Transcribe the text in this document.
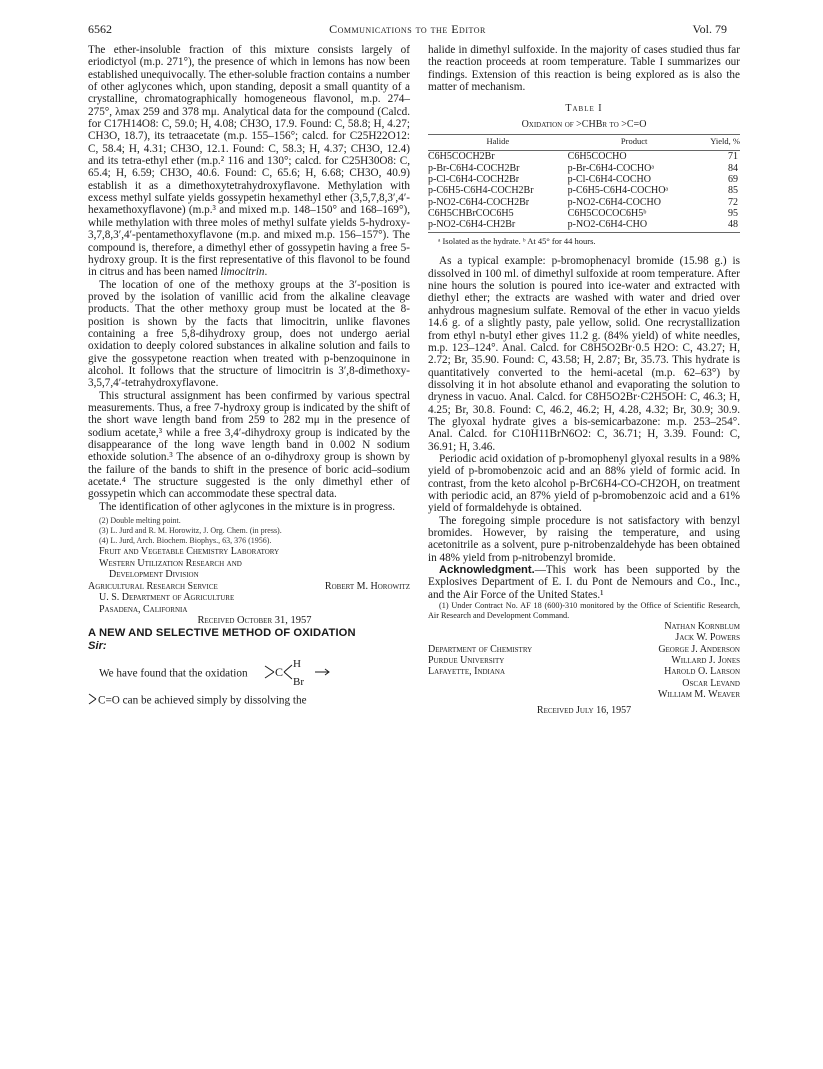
6562	Communications to the Editor	Vol. 79

The ether-insoluble fraction of this mixture consists largely of eriodictyol (m.p. 271°), the presence of which in lemons has now been established unequivocally. The ether-soluble fraction contains a number of other aglycones which, upon standing, deposit a small quantity of a crystalline, chromatographically homogeneous flavonol, m.p. 274–275°, λmax 259 and 378 mμ. Analytical data for the compound (Calcd. for C17H14O8: C, 59.0; H, 4.08; CH3O, 17.9. Found: C, 58.8; H, 4.27; CH3O, 18.7), its tetraacetate (m.p. 155–156°; calcd. for C25H22O12: C, 58.4; H, 4.31; CH3O, 12.1. Found: C, 58.3; H, 4.37; CH3O, 12.4) and its tetra-ethyl ether (m.p.² 116 and 130°; calcd. for C25H30O8: C, 65.4; H, 6.59; CH3O, 40.6. Found: C, 65.6; H, 6.68; CH3O, 40.9) establish it as a dimethoxytetrahydroxyflavone. Methylation with excess methyl sulfate yields gossypetin hexamethyl ether (3,5,7,8,3′,4′-hexamethoxyflavone) (m.p.³ and mixed m.p. 148–150° and 168–169°), while methylation with three moles of methyl sulfate yields 5-hydroxy-3,7,8,3′,4′-pentamethoxyflavone (m.p. and mixed m.p. 156–157°). The compound is, therefore, a dimethyl ether of gossypetin having a free 5-hydroxy group. It is the first representative of this flavonol to be found in citrus and has been named limocitrin.

The location of one of the methoxy groups at the 3′-position is proved by the isolation of vanillic acid from the alkaline cleavage products. That the other methoxy group must be located at the 8-position is shown by the facts that limocitrin, unlike flavones containing a free 5,8-dihydroxy group, does not undergo aerial oxidation to deeply colored substances in alkaline solution and fails to give the gossypetone reaction when treated with p-benzoquinone in alcohol. It follows that the structure of limocitrin is 3′,8-dimethoxy-3,5,7,4′-tetrahydroxyflavone.

This structural assignment has been confirmed by various spectral measurements. Thus, a free 7-hydroxy group is indicated by the shift of the short wave length band from 259 to 282 mμ in the presence of sodium acetate,³ while a free 3,4′-dihydroxy group is indicated by the disappearance of the long wave length band in 0.002 N sodium ethoxide solution.³ The absence of an o-dihydroxy group is shown by the failure of the bands to shift in the presence of boric acid–sodium acetate.⁴ The structure suggested is the only dimethyl ether of gossypetin which can accommodate these spectral data.

The identification of other aglycones in the mixture is in progress.

(2) Double melting point.

(3) L. Jurd and R. M. Horowitz, J. Org. Chem. (in press).

(4) L. Jurd, Arch. Biochem. Biophys., 63, 376 (1956).

Fruit and Vegetable Chemistry Laboratory

Western Utilization Research and

Development Division

Agricultural Research Service	Robert M. Horowitz

U. S. Department of Agriculture

Pasadena, California

Received October 31, 1957

A NEW AND SELECTIVE METHOD OF OXIDATION
Sir:

We have found that the oxidation C
H
Br

C=O can be achieved simply by dissolving the

halide in dimethyl sulfoxide. In the majority of cases studied thus far the reaction proceeds at room temperature. Table I summarizes our findings. Extension of this reaction is being explored as is also the matter of mechanism.

Table I
Oxidation of >CHBr to >C=O
Halide	Product	Yield, %
C6H5COCH2Br	C6H5COCHO	71
p-Br-C6H4-COCH2Br	p-Br-C6H4-COCHOᵃ	84
p-Cl-C6H4-COCH2Br	p-Cl-C6H4-COCHO	69
p-C6H5-C6H4-COCH2Br	p-C6H5-C6H4-COCHOᵃ	85
p-NO2-C6H4-COCH2Br	p-NO2-C6H4-COCHO	72
C6H5CHBrCOC6H5	C6H5COCOC6H5ᵇ	95
p-NO2-C6H4-CH2Br	p-NO2-C6H4-CHO	48
ᵃ Isolated as the hydrate. ᵇ At 45° for 44 hours.

As a typical example: p-bromophenacyl bromide (15.98 g.) is dissolved in 100 ml. of dimethyl sulfoxide at room temperature. After nine hours the solution is poured into ice-water and extracted with diethyl ether; the extracts are washed with water and dried over anhydrous magnesium sulfate. Removal of the ether in vacuo yields 14.6 g. of a slightly pasty, pale yellow, solid. One recrystallization from ethyl n-butyl ether gives 11.2 g. (84% yield) of white needles, m.p. 123–124°. Anal. Calcd. for C8H5O2Br·0.5 H2O: C, 43.27; H, 2.72; Br, 35.90. Found: C, 43.58; H, 2.87; Br, 35.73. This hydrate is quantitatively converted to the hemi-acetal (m.p. 62–63°) by dissolving it in hot absolute ethanol and evaporating the solution to dryness in vacuo. Anal. Calcd. for C8H5O2Br·C2H5OH: C, 46.3; H, 4.25; Br, 30.8. Found: C, 46.2, 46.2; H, 4.28, 4.32; Br, 30.9; 30.9. The glyoxal hydrate gives a bis-semicarbazone: m.p. 253–254°. Anal. Calcd. for C10H11BrN6O2: C, 36.71; H, 3.39. Found: C, 36.91; H, 3.46.

Periodic acid oxidation of p-bromophenyl glyoxal results in a 98% yield of p-bromobenzoic acid and an 88% yield of formic acid. In contrast, from the keto alcohol p-BrC6H4-CO-CH2OH, on treatment with periodic acid, an 87% yield of p-bromobenzoic acid and a 61% yield of formaldehyde is obtained.

The foregoing simple procedure is not satisfactory with benzyl bromides. However, by raising the temperature, and using acetonitrile as a solvent, pure p-nitrobenzaldehyde has been obtained in 48% yield from p-nitrobenzyl bromide.

Acknowledgment.—This work has been supported by the Explosives Department of E. I. du Pont de Nemours and Co., Inc., and the Air Force of the United States.¹

(1) Under Contract No. AF 18 (600)-310 monitored by the Office of Scientific Research, Air Research and Development Command.

Nathan Kornblum
Jack W. Powers
Department of Chemistry
Purdue University
Lafayette, Indiana
George J. Anderson
Willard J. Jones
Harold O. Larson
Oscar Levand
William M. Weaver
Received July 16, 1957
